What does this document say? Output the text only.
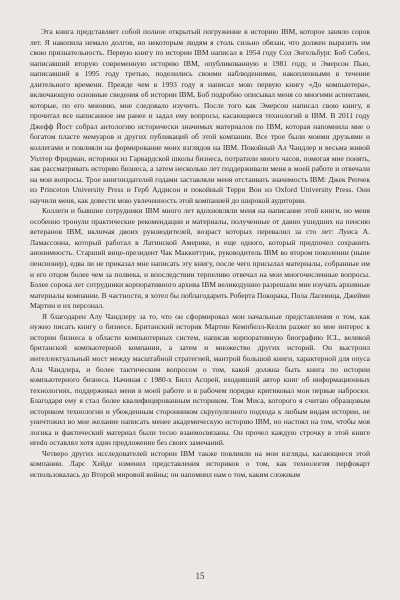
Эта книга представляет собой полное открытый погружение в историю IBM, которое заняло сорок лет. Я накопила немало долгов, но некоторым людям я столь сильно обязан, что должен выразить им свою признательность. Первую книгу по истории IBM написал в 1954 году Сол Энгельбург. Боб Собел, написавший вторую современную историю IBM, опубликованную в 1981 году, и Эмерсон Пью, написавший в 1995 году третью, поделились своими наблюдениями, накопленными в течение длительного времени. Прежде чем в 1993 году я написал мою первую книгу «До компьютера», включающую основные сведения об истории IBM, Боб подробно описывал меня со многими аспектами, которые, по его мнению, мне следовало изучить. После того как Эмерсон написал свою книгу, я прочитал все написанное им ранее и задал ему вопросы, касающиеся технологий в IBM. В 2011 году Джефф Йост собрал антологию исторически значимых материалов по IBM, которая напомнила мне о богатом пласте мемуаров и других публикаций об этой компании. Все трое были моими друзьями и коллегами и повлияли на формирование моих взглядов на IBM. Покойный Ал Чандлер и весьма живой Уолтер Фридман, историки из Гарвардской школы бизнеса, потратили много часов, помогая мне понять, как рассматривать историю бизнеса, а затем несколько лет поддерживали меня в моей работе и отвечали на мои вопросы. Трое книгоиздателей годами заставляли меня отстаивать значимость IBM: Джек Репчек из Princeton University Press и Герб Аддисон и покойный Терри Вон из Oxford University Press. Они научили меня, как довести мою увлеченность этой компанией до широкой аудитории.

Коллеги и бывшие сотрудники IBM много лет вдохновляли меня на написание этой книги, но меня особенно тронули практические рекомендации и материалы, полученные от давно ушедших на пенсию ветеранов IBM, включая двоих руководителей, возраст которых перевалил за сто лет: Луиса А. Ламассонна, который работал в Латинской Америке, и еще одного, который предпочел сохранить анонимность. Старший вице-президент Чак Маккиттрик, руководитель IBM во втором поколении (ныне пенсионер), едва ли не приказал мне написать эту книгу, после чего присылал материалы, собранные им и его отцом более чем за полвека, и впоследствии терпеливо отвечал на мои многочисленные вопросы. Более сорока лет сотрудники корпоративного архива IBM великодушно разрешали мне изучать архивные материалы компании. В частности, я хотел бы поблагодарить Роберта Покорака, Пола Ласевица, Джейми Мартин и их персонал.

Я благодарен Алу Чандлеру за то, что он сформировал мои начальные представления о том, как нужно писать книгу о бизнесе. Британский историк Мартин Кемпбелл-Келли разжег во мне интерес к истории бизнеса в области компьютерных систем, написав корпоративную биографию ICL, великой британской компьютерной компании, а затем и множество других историй. Он выстроил интеллектуальный мост между масштабной стратегией, мантрой большой книги, характерной для опуса Ала Чандлера, и более тактическим вопросом о том, какой должна быть книга по истории компьютерного бизнеса. Начиная с 1980-х Билл Аспрей, входивший автор книг об информационных технологиях, поддерживал меня в моей работе и в рабочем порядке критиковал мои первые наброски. Благодаря ему я стал более квалифицированным историком. Том Миса, которого я считаю образцовым историком технологии и убежденным сторонником скрупулезного подхода к любым видам истории, не уничтожил во мне желание написать менее академическую историю IBM, но настоял на том, чтобы моя логика и фактический материал были тесно взаимосвязаны. Он прочел каждую строчку в этой книге иredo оставлял хотя один предложение без своих замечаний.

Четверо других исследователей истории IBM также повлияли на мои взгляды, касающиеся этой компании. Ларс Хейде изменил представления историков о том, как технология перфокарт использовалась до Второй мировой войны; он напомнил нам о том, каким сложным

15
